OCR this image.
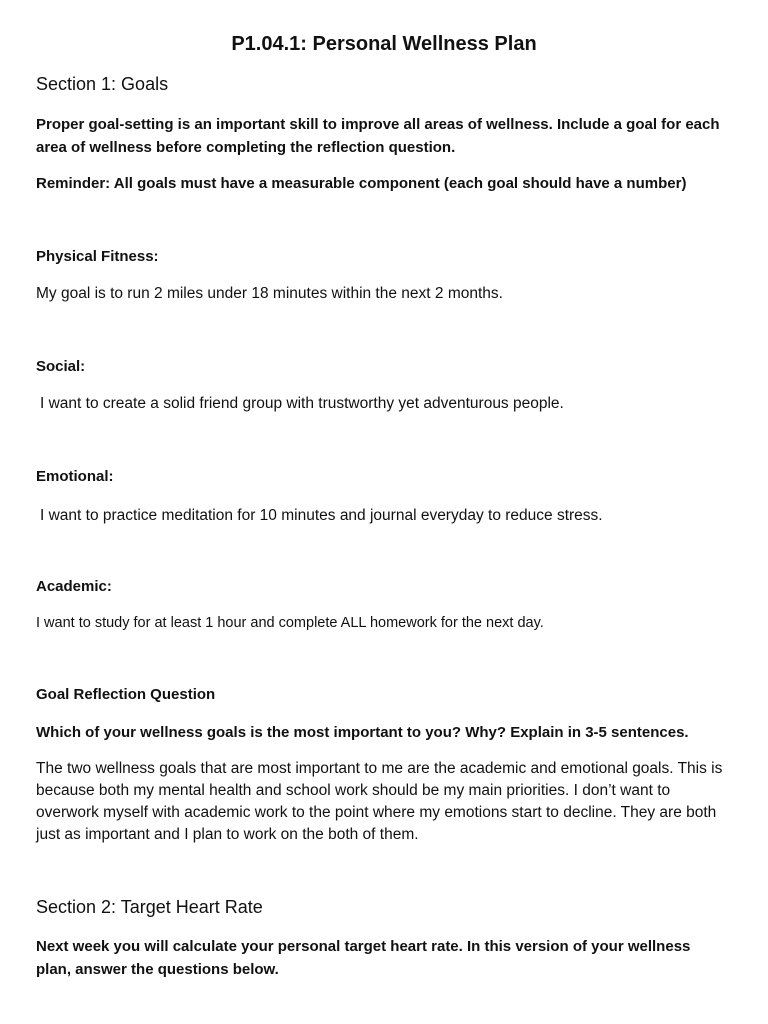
P1.04.1: Personal Wellness Plan
Section 1: Goals

Proper goal-setting is an important skill to improve all areas of wellness. Include a goal for each area of wellness before completing the reflection question.

Reminder: All goals must have a measurable component (each goal should have a number)

Physical Fitness:

My goal is to run 2 miles under 18 minutes within the next 2 months.

Social:

I want to create a solid friend group with trustworthy yet adventurous people.

Emotional:

I want to practice meditation for 10 minutes and journal everyday to reduce stress.

Academic:

I want to study for at least 1 hour and complete ALL homework for the next day.

Goal Reflection Question

Which of your wellness goals is the most important to you? Why? Explain in 3-5 sentences.

The two wellness goals that are most important to me are the academic and emotional goals. This is because both my mental health and school work should be my main priorities. I don’t want to overwork myself with academic work to the point where my emotions start to decline. They are both just as important and I plan to work on the both of them.

Section 2: Target Heart Rate

Next week you will calculate your personal target heart rate. In this version of your wellness plan, answer the questions below.
